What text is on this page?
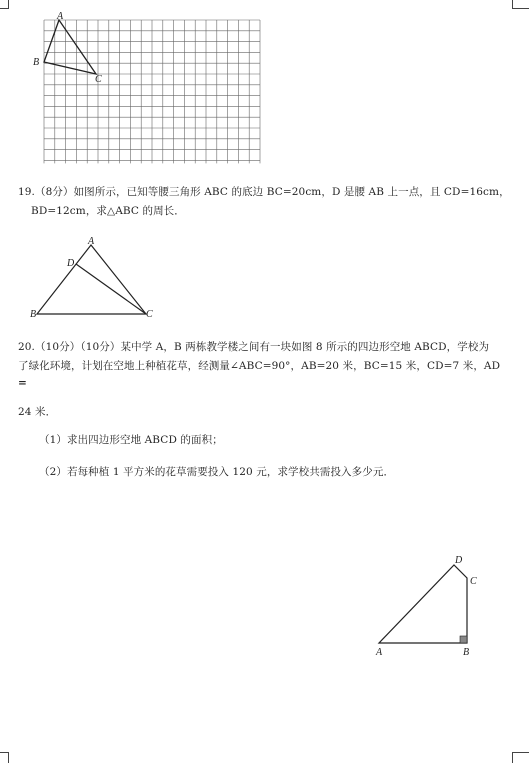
A
B
C
19.（8分）如图所示，已知等腰三角形 ABC 的底边 BC=20cm，D 是腰 AB 上一点，且 CD=16cm，
BD=12cm，求△ABC 的周长．
A
D
B	C
20.（10分）（10分）某中学 A，B 两栋教学楼之间有一块如图 8 所示的四边形空地 ABCD，学校为
了绿化环境，计划在空地上种植花草，经测量∠ABC=90°，AB=20 米，BC=15 米，CD=7 米，AD
=
24 米．
（1）求出四边形空地 ABCD 的面积；
（2）若每种植 1 平方米的花草需要投入 120 元，求学校共需投入多少元．
D
C
A	B
